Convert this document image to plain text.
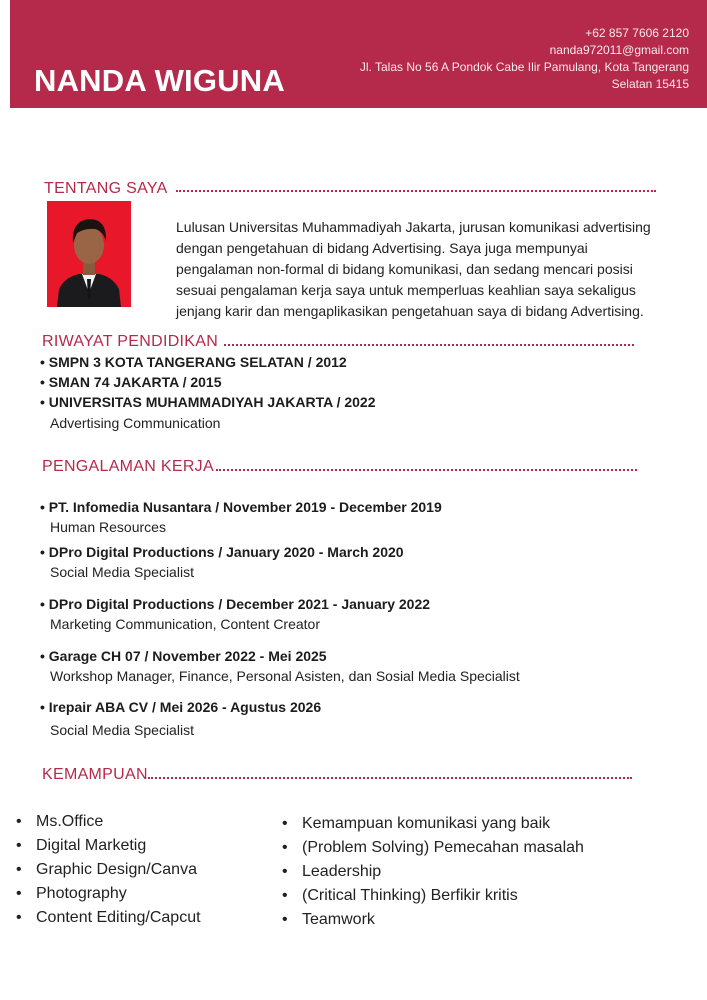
NANDA WIGUNA
+62 857 7606 2120
nanda972011@gmail.com
Jl. Talas No 56 A Pondok Cabe Ilir Pamulang, Kota Tangerang
Selatan 15415
TENTANG SAYA
Lulusan Universitas Muhammadiyah Jakarta, jurusan komunikasi advertising
dengan pengetahuan di bidang Advertising. Saya juga mempunyai
pengalaman non-formal di bidang komunikasi, dan sedang mencari posisi
sesuai pengalaman kerja saya untuk memperluas keahlian saya sekaligus
jenjang karir dan mengaplikasikan pengetahuan saya di bidang Advertising.
RIWAYAT PENDIDIKAN
• SMPN 3 KOTA TANGERANG SELATAN / 2012
• SMAN 74 JAKARTA / 2015
• UNIVERSITAS MUHAMMADIYAH JAKARTA / 2022
Advertising Communication
PENGALAMAN KERJA
• PT. Infomedia Nusantara / November 2019 - December 2019
Human Resources
• DPro Digital Productions / January 2020 - March 2020
Social Media Specialist
• DPro Digital Productions / December 2021 - January 2022
Marketing Communication, Content Creator
• Garage CH 07 / November 2022 - Mei 2025
Workshop Manager, Finance, Personal Asisten, dan Sosial Media Specialist
• Irepair ABA CV / Mei 2026 - Agustus 2026
Social Media Specialist
KEMAMPUAN
• Ms.Office
• Digital Marketig
• Graphic Design/Canva
• Photography
• Content Editing/Capcut
• Kemampuan komunikasi yang baik
• (Problem Solving) Pemecahan masalah
• Leadership
• (Critical Thinking) Berfikir kritis
• Teamwork
